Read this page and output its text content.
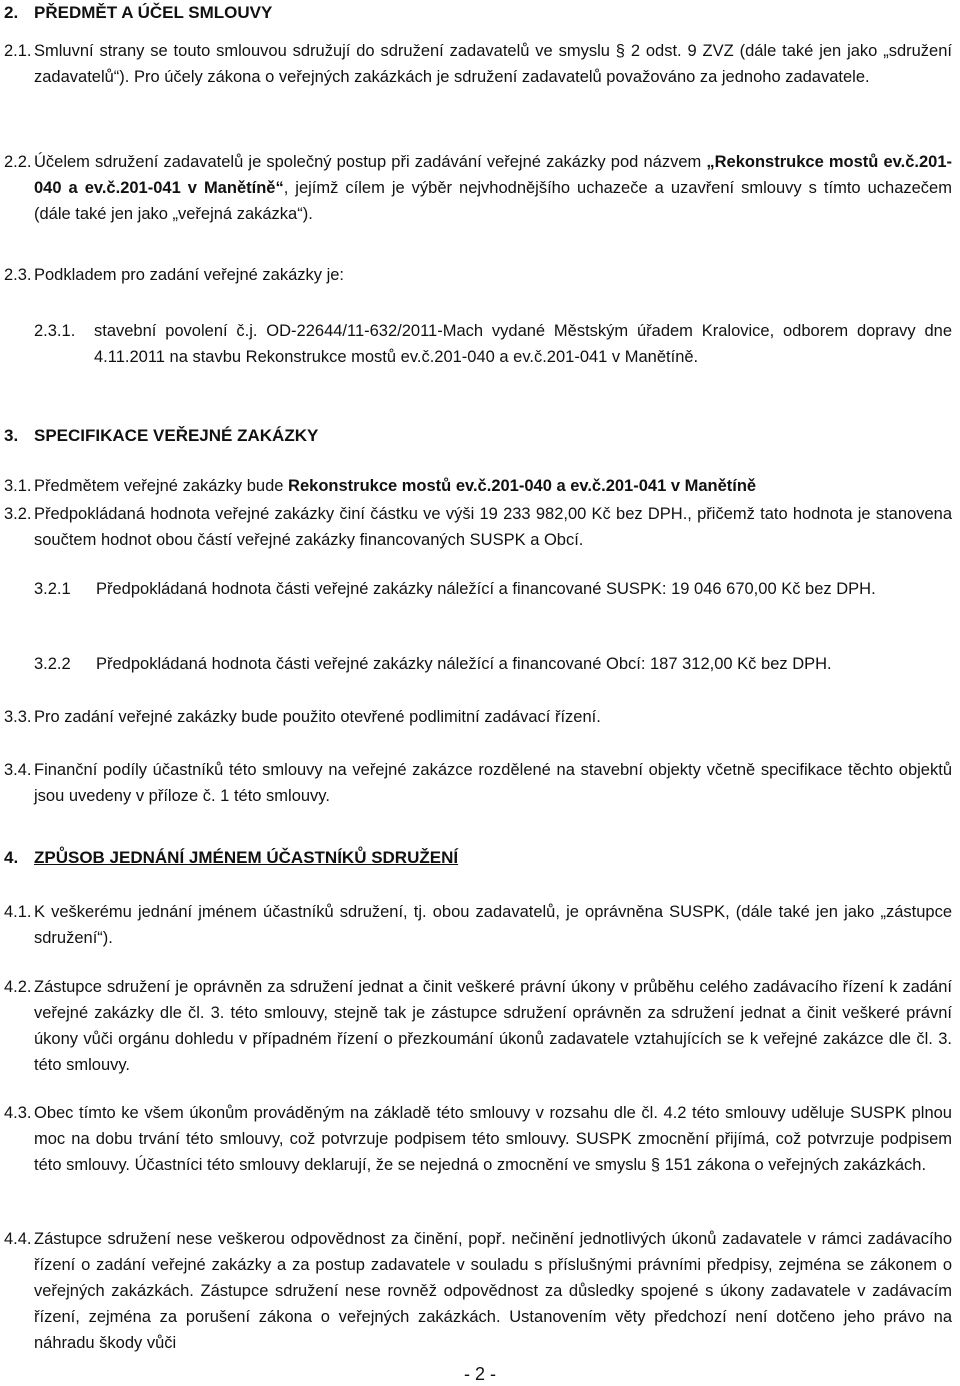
2. PŘEDMĚT A ÚČEL SMLOUVY
2.1. Smluvní strany se touto smlouvou sdružují do sdružení zadavatelů ve smyslu § 2 odst. 9 ZVZ (dále také jen jako „sdružení zadavatelů“). Pro účely zákona o veřejných zakázkách je sdružení zadavatelů považováno za jednoho zadavatele.
2.2. Účelem sdružení zadavatelů je společný postup při zadávání veřejné zakázky pod názvem „Rekonstrukce mostů ev.č.201-040 a ev.č.201-041 v Manětíně“, jejímž cílem je výběr nejvhodnějšího uchazeče a uzavření smlouvy s tímto uchazečem (dále také jen jako „veřejná zakázka“).
2.3. Podkladem pro zadání veřejné zakázky je:
2.3.1.	stavební povolení č.j. OD-22644/11-632/2011-Mach vydané Městským úřadem Kralovice, odborem dopravy dne 4.11.2011 na stavbu Rekonstrukce mostů ev.č.201-040 a ev.č.201-041 v Manětíně.
3. SPECIFIKACE VEŘEJNÉ ZAKÁZKY
3.1. Předmětem veřejné zakázky bude Rekonstrukce mostů ev.č.201-040 a ev.č.201-041 v Manětíně
3.2. Předpokládaná hodnota veřejné zakázky činí částku ve výši 19 233 982,00 Kč bez DPH., přičemž tato hodnota je stanovena součtem hodnot obou částí veřejné zakázky financovaných SUSPK a Obcí.
3.2.1	Předpokládaná hodnota části veřejné zakázky náležící a financované SUSPK: 19 046 670,00 Kč bez DPH.
3.2.2	Předpokládaná hodnota části veřejné zakázky náležící a financované Obcí: 187 312,00 Kč bez DPH.
3.3. Pro zadání veřejné zakázky bude použito otevřené podlimitní zadávací řízení.
3.4. Finanční podíly účastníků této smlouvy na veřejné zakázce rozdělené na stavební objekty včetně specifikace těchto objektů jsou uvedeny v příloze č. 1 této smlouvy.
4. ZPŮSOB JEDNÁNÍ JMÉNEM ÚČASTNÍKŮ SDRUŽENÍ
4.1. K veškerému jednání jménem účastníků sdružení, tj. obou zadavatelů, je oprávněna SUSPK, (dále také jen jako „zástupce sdružení“).
4.2. Zástupce sdružení je oprávněn za sdružení jednat a činit veškeré právní úkony v průběhu celého zadávacího řízení k zadání veřejné zakázky dle čl. 3. této smlouvy, stejně tak je zástupce sdružení oprávněn za sdružení jednat a činit veškeré právní úkony vůči orgánu dohledu v případném řízení o přezkoumání úkonů zadavatele vztahujících se k veřejné zakázce dle čl. 3. této smlouvy.
4.3. Obec tímto ke všem úkonům prováděným na základě této smlouvy v rozsahu dle čl. 4.2 této smlouvy uděluje SUSPK plnou moc na dobu trvání této smlouvy, což potvrzuje podpisem této smlouvy. SUSPK zmocnění přijímá, což potvrzuje podpisem této smlouvy. Účastníci této smlouvy deklarují, že se nejedná o zmocnění ve smyslu § 151 zákona o veřejných zakázkách.
4.4. Zástupce sdružení nese veškerou odpovědnost za činění, popř. nečinění jednotlivých úkonů zadavatele v rámci zadávacího řízení o zadání veřejné zakázky a za postup zadavatele v souladu s příslušnými právními předpisy, zejména se zákonem o veřejných zakázkách. Zástupce sdružení nese rovněž odpovědnost za důsledky spojené s úkony zadavatele v zadávacím řízení, zejména za porušení zákona o veřejných zakázkách. Ustanovením věty předchozí není dotčeno jeho právo na náhradu škody vůči
- 2 -
